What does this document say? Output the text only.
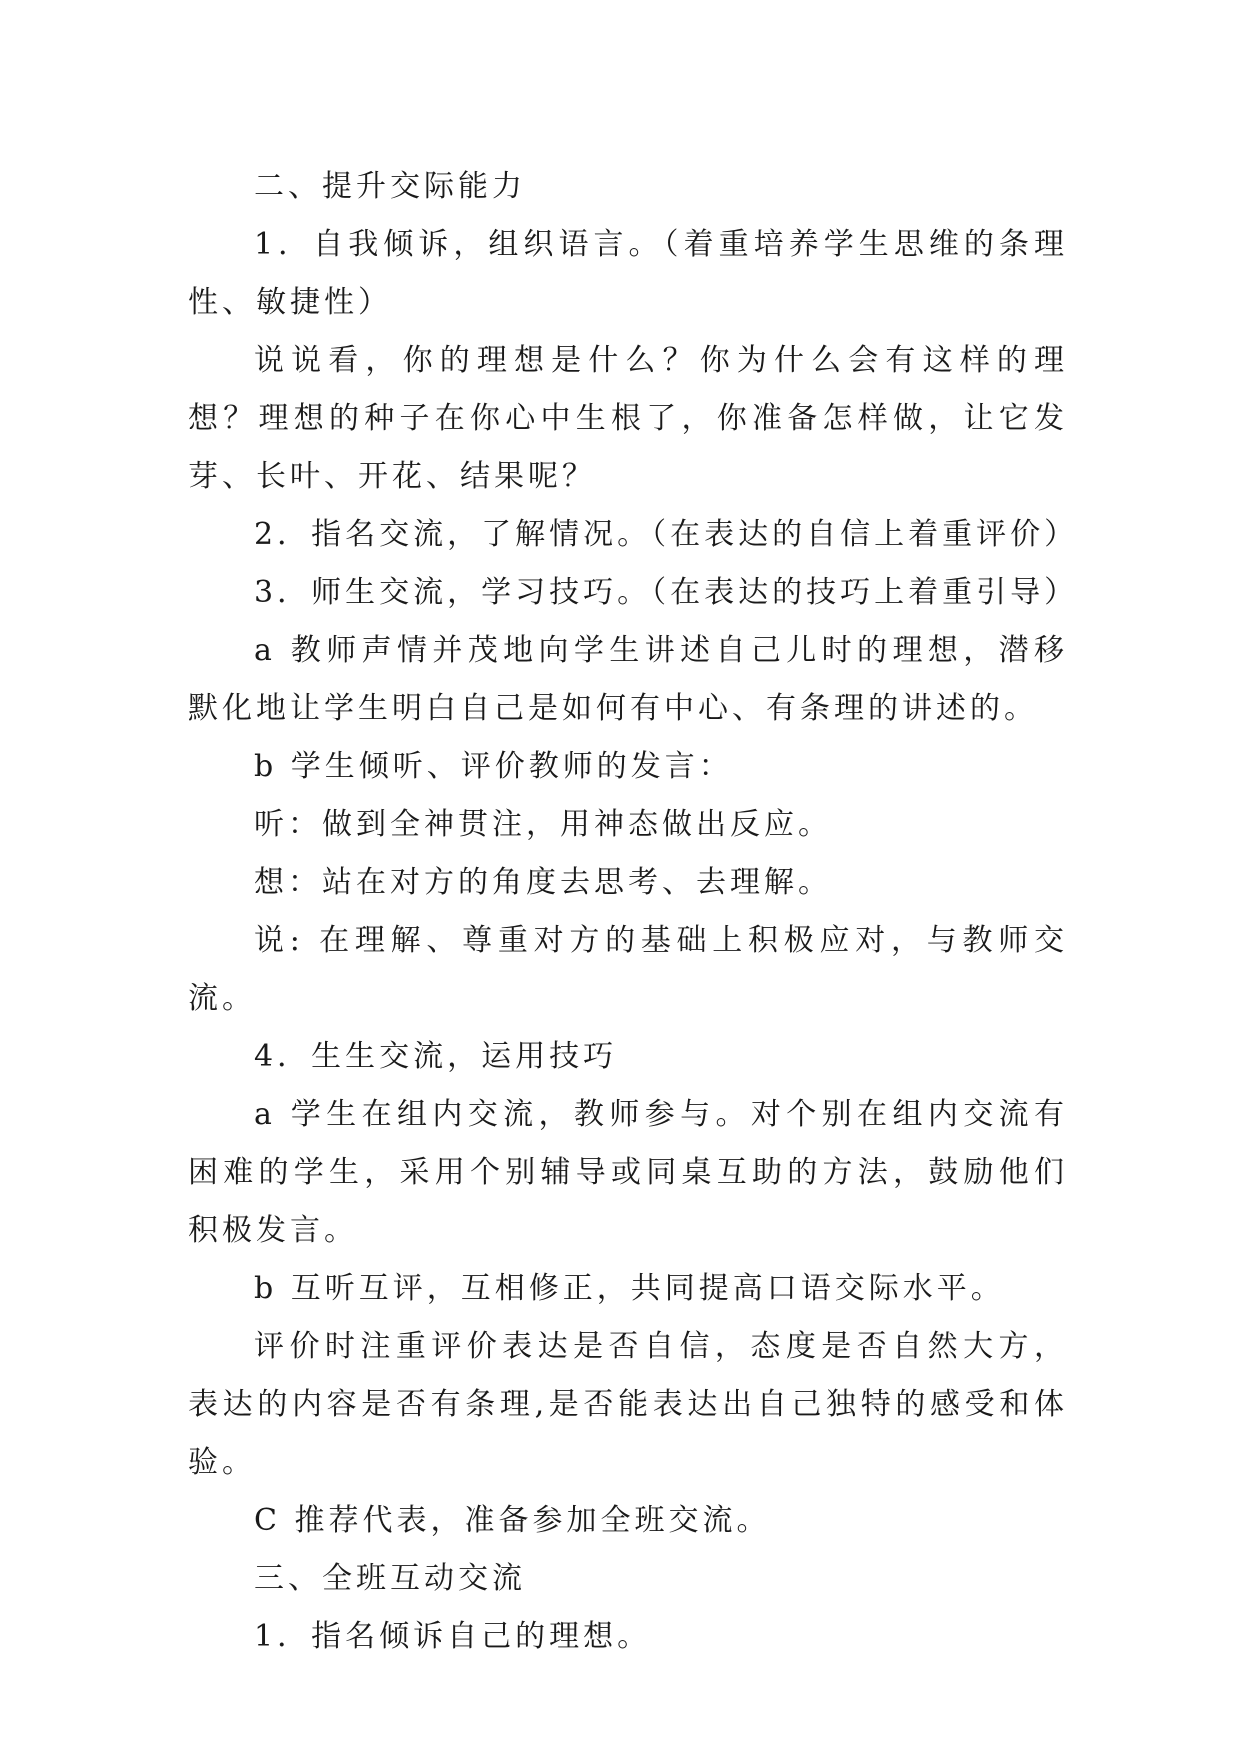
二、提升交际能力

1．自我倾诉，组织语言。（着重培养学生思维的条理性、敏捷性）

说说看，你的理想是什么？你为什么会有这样的理想？理想的种子在你心中生根了，你准备怎样做，让它发芽、长叶、开花、结果呢？

2．指名交流，了解情况。（在表达的自信上着重评价）

3．师生交流，学习技巧。（在表达的技巧上着重引导）

a 教师声情并茂地向学生讲述自己儿时的理想，潜移默化地让学生明白自己是如何有中心、有条理的讲述的。

b 学生倾听、评价教师的发言：

听：做到全神贯注，用神态做出反应。

想：站在对方的角度去思考、去理解。

说: 在理解、尊重对方的基础上积极应对，与教师交流。

4．生生交流，运用技巧

a 学生在组内交流，教师参与。对个别在组内交流有困难的学生，采用个别辅导或同桌互助的方法，鼓励他们积极发言。

b 互听互评，互相修正，共同提高口语交际水平。

评价时注重评价表达是否自信，态度是否自然大方，表达的内容是否有条理,是否能表达出自己独特的感受和体验。

C 推荐代表，准备参加全班交流。

三、全班互动交流

1．指名倾诉自己的理想。
